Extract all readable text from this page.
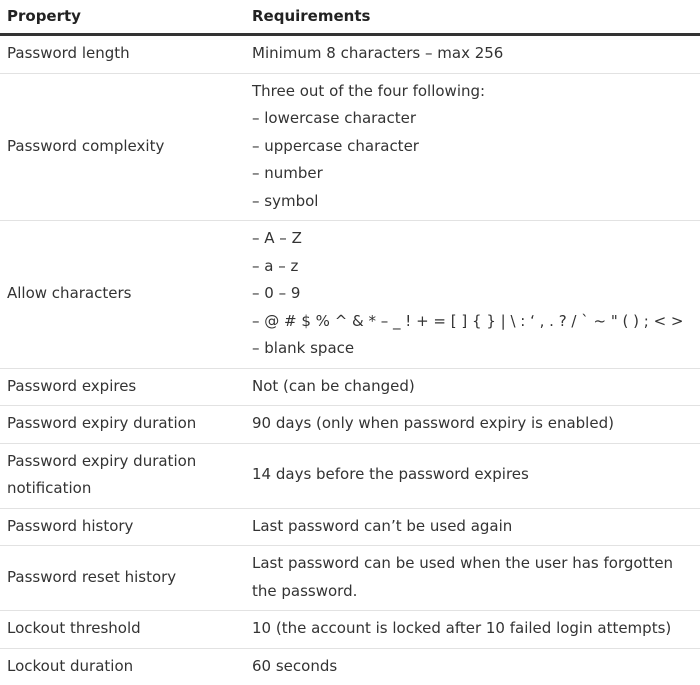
Property	Requirements
Password length	Minimum 8 characters – max 256

Password complexity	Three out of the four following:
– lowercase character
– uppercase character
– number
– symbol

Allow characters	– A – Z
– a – z
– 0 – 9
– @ # $ % ^ & * – _ ! + = [ ] { } | \ : ‘ , . ? / ` ~ " ( ) ; < >
– blank space

Password expires	Not (can be changed)

Password expiry duration	90 days (only when password expiry is enabled)

Password expiry duration notification	14 days before the password expires

Password history	Last password can’t be used again

Password reset history	Last password can be used when the user has forgotten the password.

Lockout threshold	10 (the account is locked after 10 failed login attempts)

Lockout duration	60 seconds
